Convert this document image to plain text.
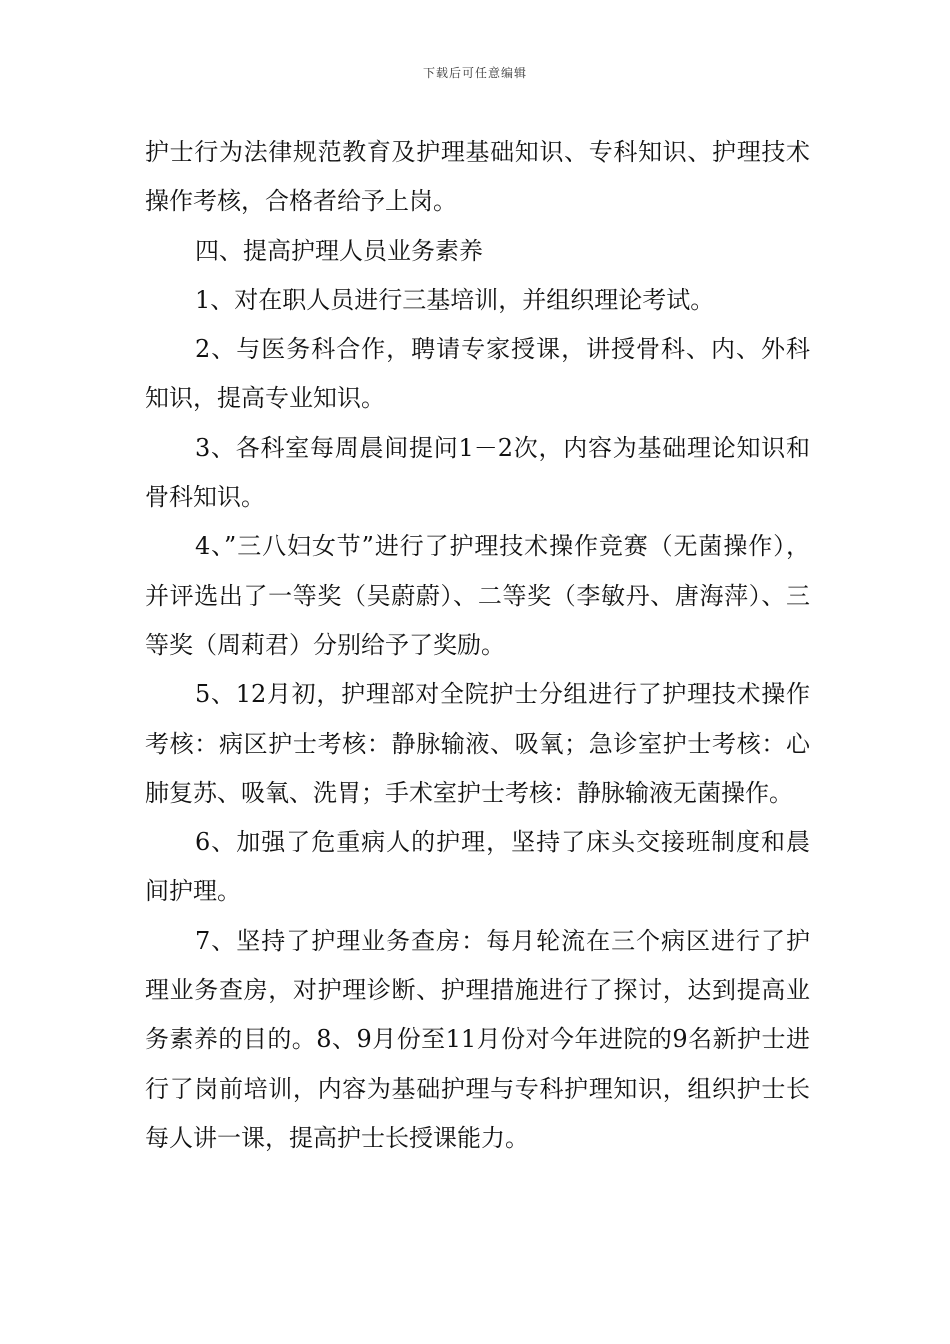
下载后可任意编辑

护士行为法律规范教育及护理基础知识、专科知识、护理技术操作考核，合格者给予上岗。

四、提高护理人员业务素养

1、对在职人员进行三基培训，并组织理论考试。

2、与医务科合作，聘请专家授课，讲授骨科、内、外科知识，提高专业知识。

3、各科室每周晨间提问1－2次，内容为基础理论知识和骨科知识。

4、”三八妇女节”进行了护理技术操作竞赛（无菌操作），并评选出了一等奖（吴蔚蔚）、二等奖（李敏丹、唐海萍）、三等奖（周莉君）分别给予了奖励。

5、12月初，护理部对全院护士分组进行了护理技术操作考核：病区护士考核：静脉输液、吸氧；急诊室护士考核：心肺复苏、吸氧、洗胃；手术室护士考核：静脉输液无菌操作。

6、加强了危重病人的护理，坚持了床头交接班制度和晨间护理。

7、坚持了护理业务查房：每月轮流在三个病区进行了护理业务查房，对护理诊断、护理措施进行了探讨，达到提高业务素养的目的。8、9月份至11月份对今年进院的9名新护士进行了岗前培训，内容为基础护理与专科护理知识，组织护士长每人讲一课，提高护士长授课能力。
